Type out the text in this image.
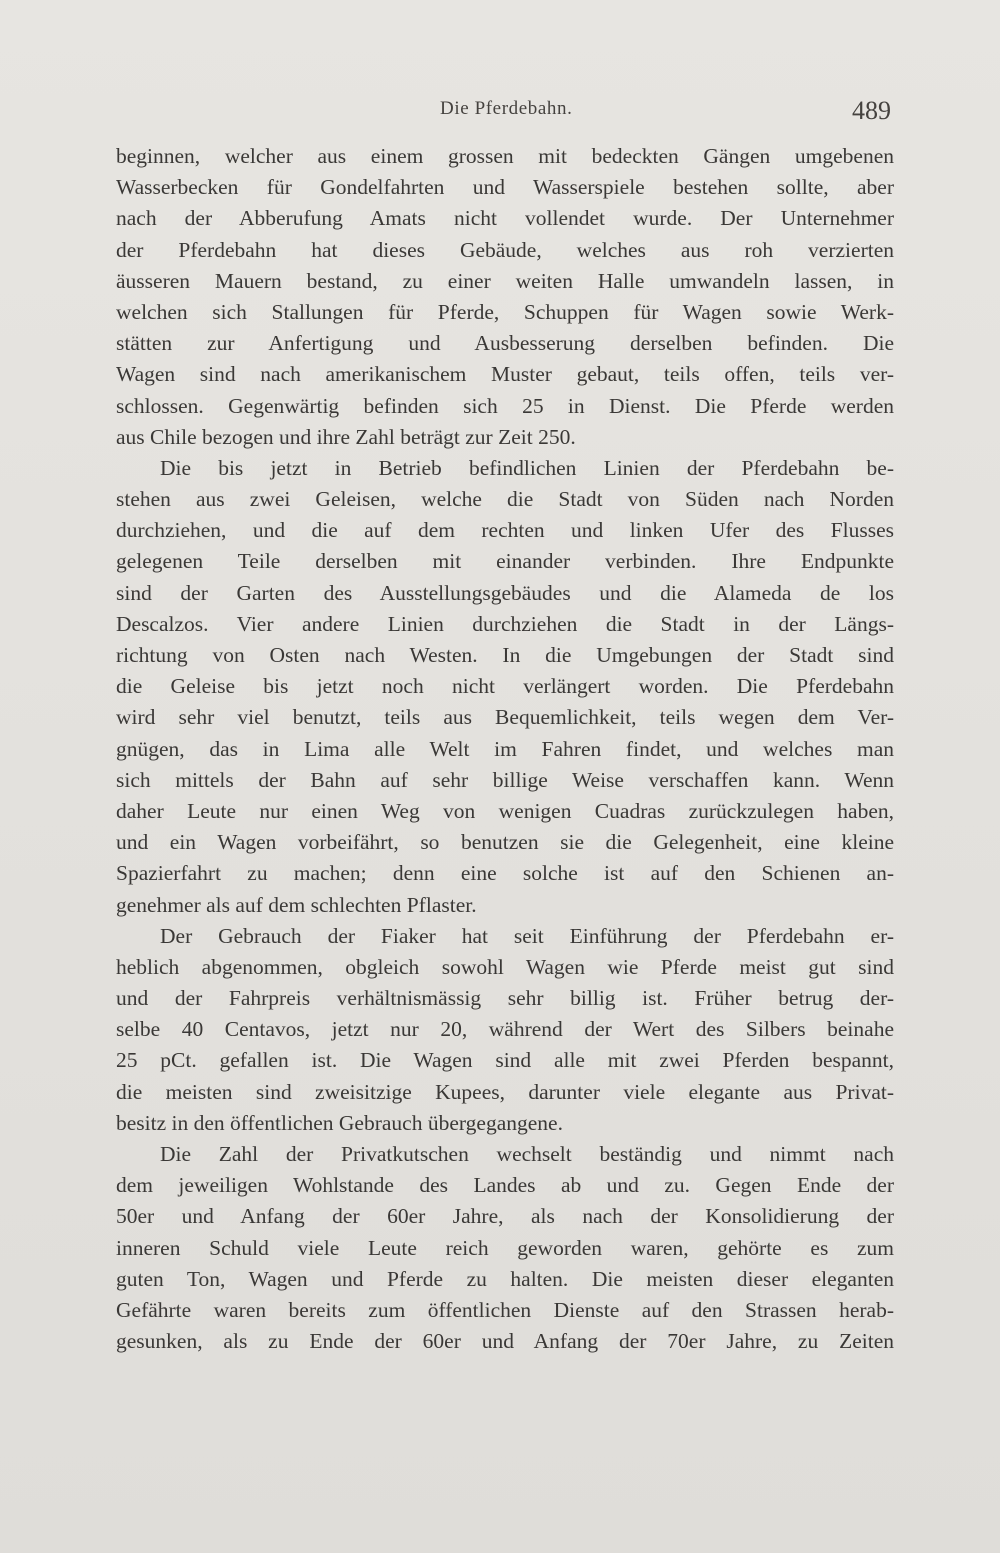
Die Pferdebahn.	489
beginnen, welcher aus einem grossen mit bedeckten Gängen umgebenen
Wasserbecken für Gondelfahrten und Wasserspiele bestehen sollte, aber
nach der Abberufung Amats nicht vollendet wurde. Der Unternehmer
der Pferdebahn hat dieses Gebäude, welches aus roh verzierten
äusseren Mauern bestand, zu einer weiten Halle umwandeln lassen, in
welchen sich Stallungen für Pferde, Schuppen für Wagen sowie Werk-
stätten zur Anfertigung und Ausbesserung derselben befinden. Die
Wagen sind nach amerikanischem Muster gebaut, teils offen, teils ver-
schlossen. Gegenwärtig befinden sich 25 in Dienst. Die Pferde werden
aus Chile bezogen und ihre Zahl beträgt zur Zeit 250.
Die bis jetzt in Betrieb befindlichen Linien der Pferdebahn be-
stehen aus zwei Geleisen, welche die Stadt von Süden nach Norden
durchziehen, und die auf dem rechten und linken Ufer des Flusses
gelegenen Teile derselben mit einander verbinden. Ihre Endpunkte
sind der Garten des Ausstellungsgebäudes und die Alameda de los
Descalzos. Vier andere Linien durchziehen die Stadt in der Längs-
richtung von Osten nach Westen. In die Umgebungen der Stadt sind
die Geleise bis jetzt noch nicht verlängert worden. Die Pferdebahn
wird sehr viel benutzt, teils aus Bequemlichkeit, teils wegen dem Ver-
gnügen, das in Lima alle Welt im Fahren findet, und welches man
sich mittels der Bahn auf sehr billige Weise verschaffen kann. Wenn
daher Leute nur einen Weg von wenigen Cuadras zurückzulegen haben,
und ein Wagen vorbeifährt, so benutzen sie die Gelegenheit, eine kleine
Spazierfahrt zu machen; denn eine solche ist auf den Schienen an-
genehmer als auf dem schlechten Pflaster.
Der Gebrauch der Fiaker hat seit Einführung der Pferdebahn er-
heblich abgenommen, obgleich sowohl Wagen wie Pferde meist gut sind
und der Fahrpreis verhältnismässig sehr billig ist. Früher betrug der-
selbe 40 Centavos, jetzt nur 20, während der Wert des Silbers beinahe
25 pCt. gefallen ist. Die Wagen sind alle mit zwei Pferden bespannt,
die meisten sind zweisitzige Kupees, darunter viele elegante aus Privat-
besitz in den öffentlichen Gebrauch übergegangene.
Die Zahl der Privatkutschen wechselt beständig und nimmt nach
dem jeweiligen Wohlstande des Landes ab und zu. Gegen Ende der
50er und Anfang der 60er Jahre, als nach der Konsolidierung der
inneren Schuld viele Leute reich geworden waren, gehörte es zum
guten Ton, Wagen und Pferde zu halten. Die meisten dieser eleganten
Gefährte waren bereits zum öffentlichen Dienste auf den Strassen herab-
gesunken, als zu Ende der 60er und Anfang der 70er Jahre, zu Zeiten
